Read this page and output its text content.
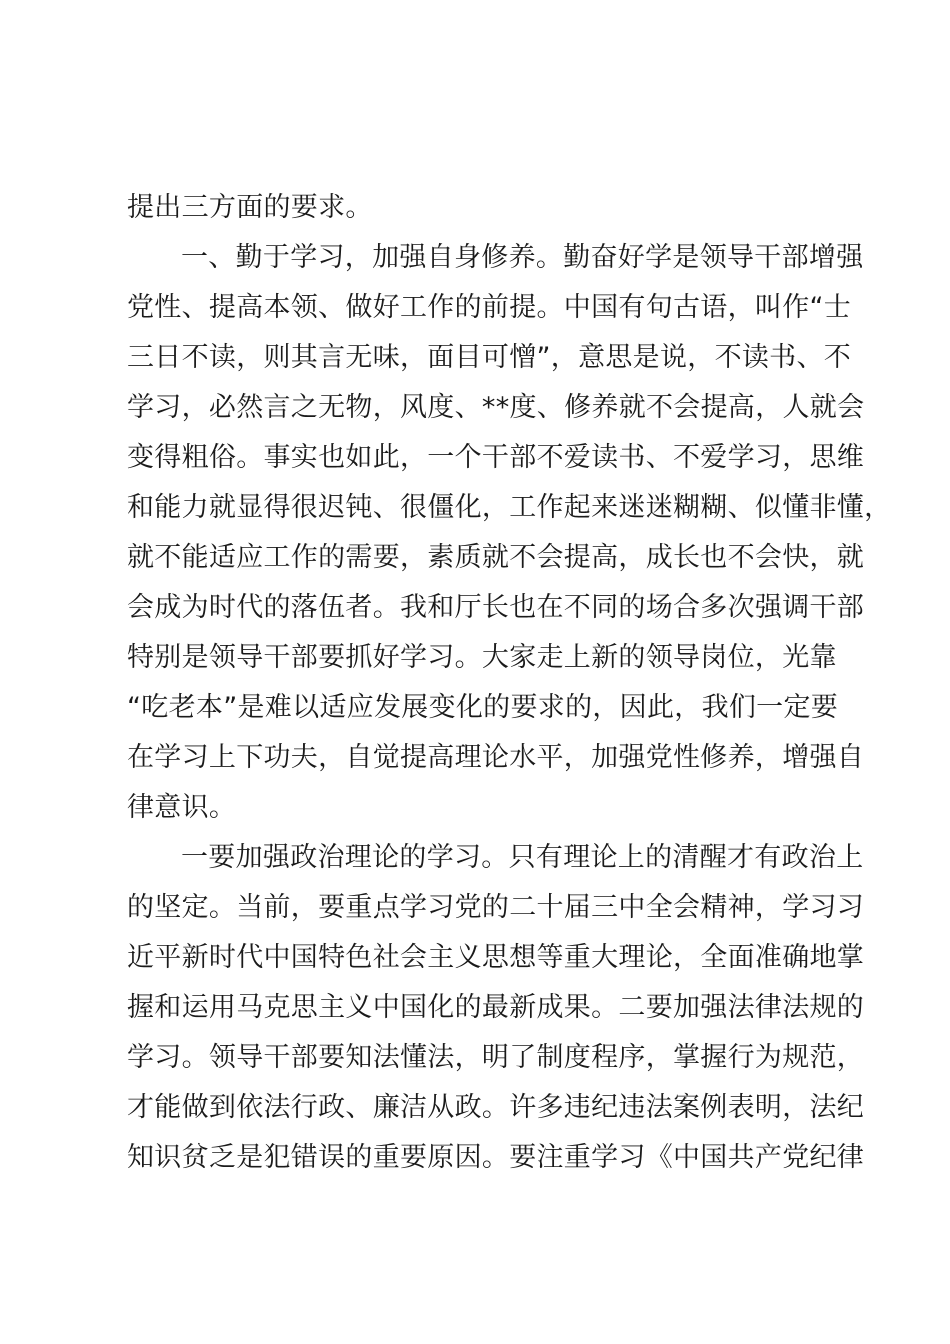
提出三方面的要求。
一、勤于学习，加强自身修养。勤奋好学是领导干部增强
党性、提高本领、做好工作的前提。中国有句古语，叫作“士
三日不读，则其言无味，面目可憎”，意思是说，不读书、不
学习，必然言之无物，风度、**度、修养就不会提高，人就会
变得粗俗。事实也如此，一个干部不爱读书、不爱学习，思维
和能力就显得很迟钝、很僵化，工作起来迷迷糊糊、似懂非懂，
就不能适应工作的需要，素质就不会提高，成长也不会快，就
会成为时代的落伍者。我和厅长也在不同的场合多次强调干部
特别是领导干部要抓好学习。大家走上新的领导岗位，光靠
“吃老本”是难以适应发展变化的要求的，因此，我们一定要
在学习上下功夫，自觉提高理论水平，加强党性修养，增强自
律意识。
一要加强政治理论的学习。只有理论上的清醒才有政治上
的坚定。当前，要重点学习党的二十届三中全会精神，学习习
近平新时代中国特色社会主义思想等重大理论，全面准确地掌
握和运用马克思主义中国化的最新成果。二要加强法律法规的
学习。领导干部要知法懂法，明了制度程序，掌握行为规范，
才能做到依法行政、廉洁从政。许多违纪违法案例表明，法纪
知识贫乏是犯错误的重要原因。要注重学习《中国共产党纪律
